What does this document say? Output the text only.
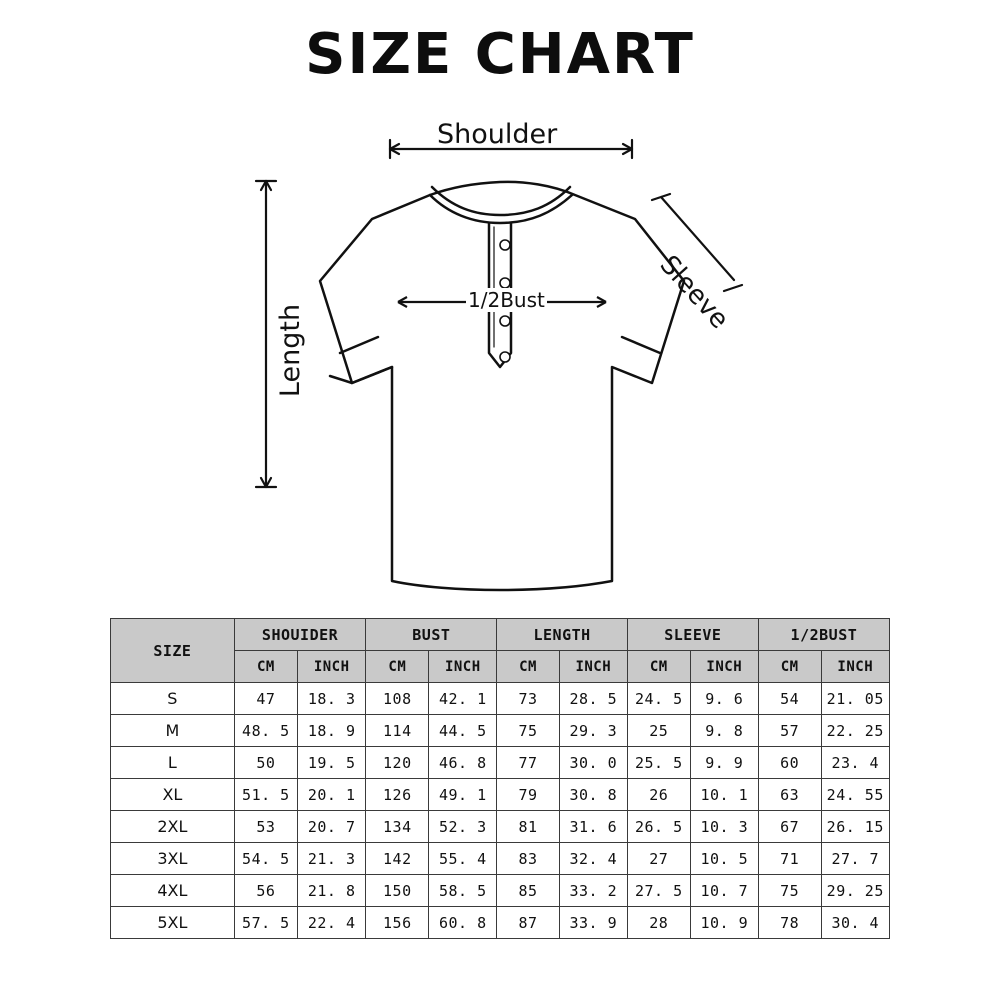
SIZE CHART
Shoulder
Length
Sleeve
1/2Bust
SIZE	SHOUIDER		BUST		LENGTH		SLEEVE		1/2BUST	
	CM	INCH	CM	INCH	CM	INCH	CM	INCH	CM	INCH
S	47	18. 3	108	42. 1	73	28. 5	24. 5	9. 6	54	21. 05
M	48. 5	18. 9	114	44. 5	75	29. 3	25	9. 8	57	22. 25
L	50	19. 5	120	46. 8	77	30. 0	25. 5	9. 9	60	23. 4
XL	51. 5	20. 1	126	49. 1	79	30. 8	26	10. 1	63	24. 55
2XL	53	20. 7	134	52. 3	81	31. 6	26. 5	10. 3	67	26. 15
3XL	54. 5	21. 3	142	55. 4	83	32. 4	27	10. 5	71	27. 7
4XL	56	21. 8	150	58. 5	85	33. 2	27. 5	10. 7	75	29. 25
5XL	57. 5	22. 4	156	60. 8	87	33. 9	28	10. 9	78	30. 4
